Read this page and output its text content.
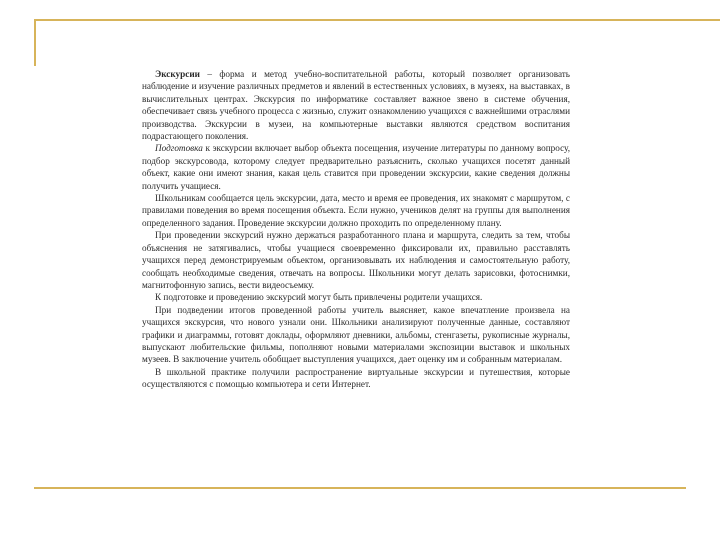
Экскурсии – форма и метод учебно-воспитательной работы, который позволяет организовать наблюдение и изучение различных предметов и явлений в естественных условиях, в музеях, на выставках, в вычислительных центрах. Экскурсия по информатике составляет важное звено в системе обучения, обеспечивает связь учебного процесса с жизнью, служит ознакомлению учащихся с важнейшими отраслями производства. Экскурсии в музеи, на компьютерные выставки являются средством воспитания подрастающего поколения.

Подготовка к экскурсии включает выбор объекта посещения, изучение литературы по данному вопросу, подбор экскурсовода, которому следует предварительно разъяснить, сколько учащихся посетят данный объект, какие они имеют знания, какая цель ставится при проведении экскурсии, какие сведения должны получить учащиеся.

Школьникам сообщается цель экскурсии, дата, место и время ее проведения, их знакомят с маршрутом, с правилами поведения во время посещения объекта. Если нужно, учеников делят на группы для выполнения определенного задания. Проведение экскурсии должно проходить по определенному плану.

При проведении экскурсий нужно держаться разработанного плана и маршрута, следить за тем, чтобы объяснения не затягивались, чтобы учащиеся своевременно фиксировали их, правильно расставлять учащихся перед демонстрируемым объектом, организовывать их наблюдения и самостоятельную работу, сообщать необходимые сведения, отвечать на вопросы. Школьники могут делать зарисовки, фотоснимки, магнитофонную запись, вести видеосъемку.

К подготовке и проведению экскурсий могут быть привлечены родители учащихся.

При подведении итогов проведенной работы учитель выясняет, какое впечатление произвела на учащихся экскурсия, что нового узнали они. Школьники анализируют полученные данные, составляют графики и диаграммы, готовят доклады, оформляют дневники, альбомы, стенгазеты, рукописные журналы, выпускают любительские фильмы, пополняют новыми материалами экспозиции выставок и школьных музеев. В заключение учитель обобщает выступления учащихся, дает оценку им и собранным материалам.

В школьной практике получили распространение виртуальные экскурсии и путешествия, которые осуществляются с помощью компьютера и сети Интернет.
